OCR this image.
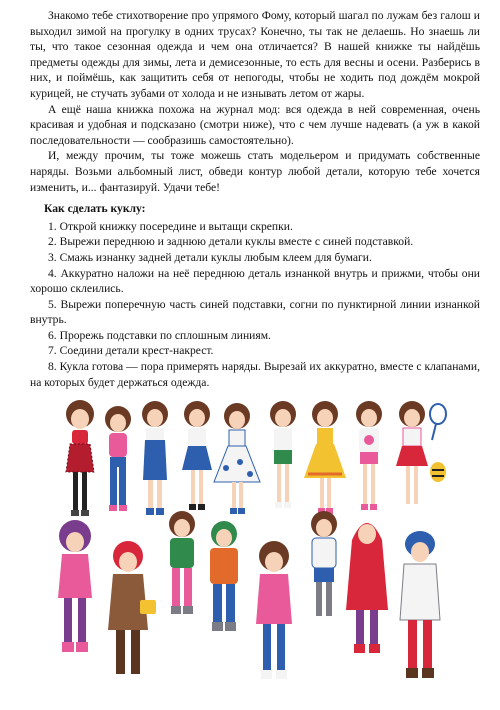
Знакомо тебе стихотворение про упрямого Фому, который шагал по лужам без галош и выходил зимой на прогулку в одних трусах? Конечно, ты так не делаешь. Но знаешь ли ты, что такое сезонная одежда и чем она отличается? В нашей книжке ты найдёшь предметы одежды для зимы, лета и демисезонные, то есть для весны и осени. Разберись в них, и поймёшь, как защитить себя от непогоды, чтобы не ходить под дождём мокрой курицей, не стучать зубами от холода и не изнывать летом от жары.

А ещё наша книжка похожа на журнал мод: вся одежда в ней современная, очень красивая и удобная и подсказано (смотри ниже), что с чем лучше надевать (а уж в какой последовательности — сообразишь самостоятельно).

И, между прочим, ты тоже можешь стать модельером и придумать собственные наряды. Возьми альбомный лист, обведи контур любой детали, которую тебе хочется изменить, и... фантазируй. Удачи тебе!

Как сделать куклу:

1. Открой книжку посередине и вытащи скрепки.

2. Вырежи переднюю и заднюю детали куклы вместе с синей подставкой.

3. Смажь изнанку задней детали куклы любым клеем для бумаги.

4. Аккуратно наложи на неё переднюю деталь изнанкой внутрь и прижми, чтобы они хорошо склеились.

5. Вырежи поперечную часть синей подставки, согни по пунктирной линии изнанкой внутрь.

6. Прорежь подставки по сплошным линиям.

7. Соедини детали крест-накрест.

8. Кукла готова — пора примерять наряды. Вырезай их аккуратно, вместе с клапанами, на которых будет держаться одежда.
